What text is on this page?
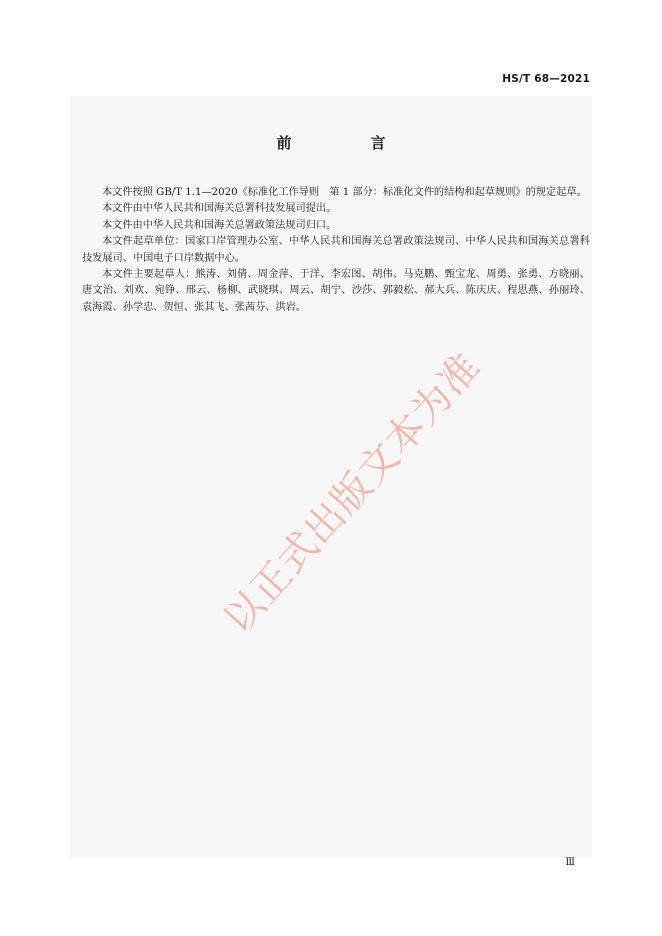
HS/T 68—2021
前　言

本文件按照 GB/T 1.1—2020《标准化工作导则　第 1 部分：标准化文件的结构和起草规则》的规定起草。

本文件由中华人民共和国海关总署科技发展司提出。

本文件由中华人民共和国海关总署政策法规司归口。

本文件起草单位：国家口岸管理办公室、中华人民共和国海关总署政策法规司、中华人民共和国海关总署科技发展司、中国电子口岸数据中心。

本文件主要起草人：熊涛、刘倩、周金萍、于洋、李宏图、胡伟、马克鹏、甄宝龙、周勇、张勇、方晓丽、唐文治、刘欢、宛铮、邢云、杨柳、武晓琪、周云、胡宁、沙莎、郭毅松、郝大兵、陈庆庆、程思燕、孙丽玲、袁海霞、孙学忠、贺恒、张其飞、张茜芬、洪岩。

以正式出版文本为准
Ⅲ
